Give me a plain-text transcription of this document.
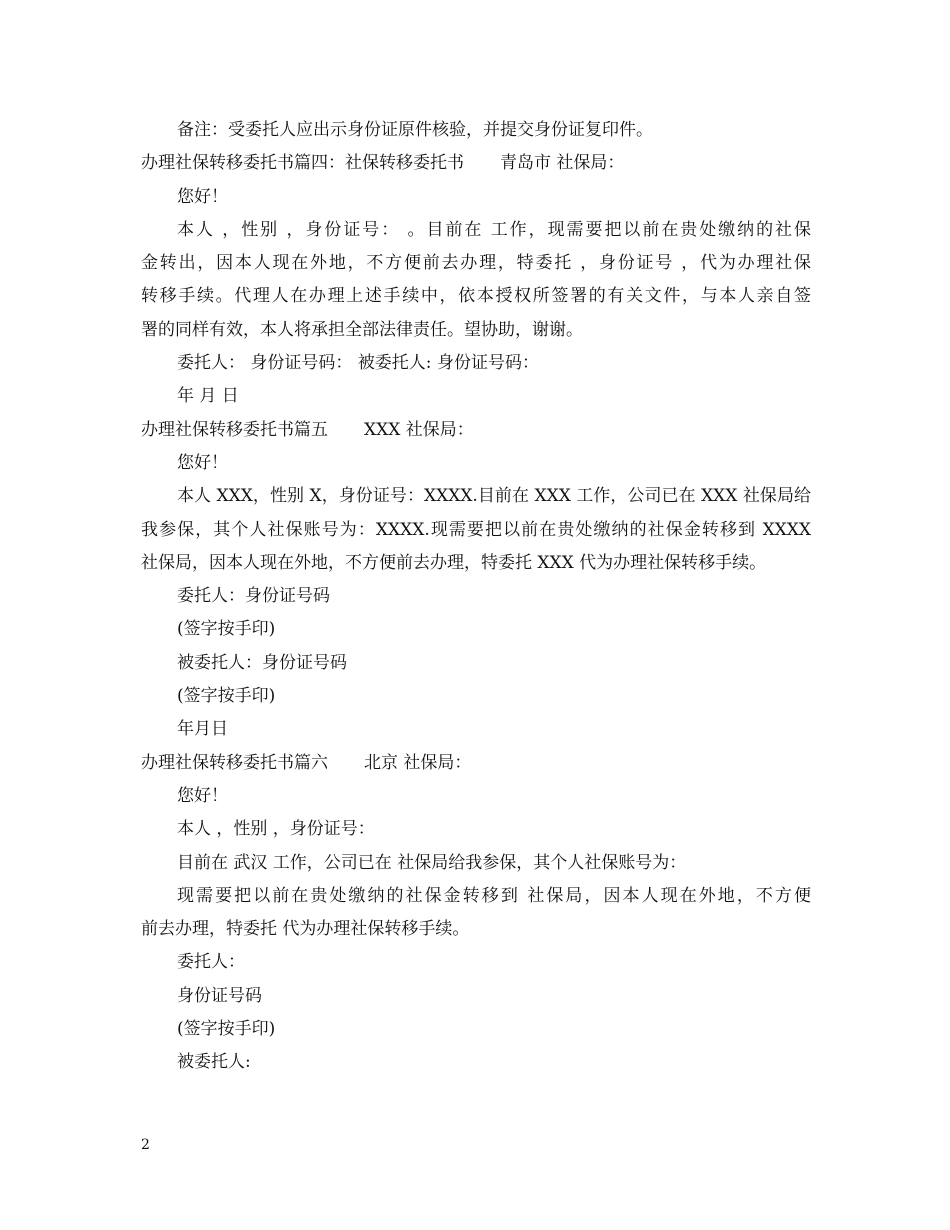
备注：受委托人应出示身份证原件核验，并提交身份证复印件。
办理社保转移委托书篇四：社保转移委托书 青岛市 社保局：
您好！
本人 ，性别 ，身份证号： 。目前在 工作，现需要把以前在贵处缴纳的社保
金转出，因本人现在外地，不方便前去办理，特委托 ，身份证号 ，代为办理社保
转移手续。代理人在办理上述手续中，依本授权所签署的有关文件，与本人亲自签
署的同样有效，本人将承担全部法律责任。望协助，谢谢。
委托人： 身份证号码： 被委托人: 身份证号码：
年 月 日
办理社保转移委托书篇五 XXX 社保局：
您好！
本人 XXX，性别 X，身份证号：XXXX.目前在 XXX 工作，公司已在 XXX 社保局给
我参保，其个人社保账号为：XXXX.现需要把以前在贵处缴纳的社保金转移到 XXXX
社保局，因本人现在外地，不方便前去办理，特委托 XXX 代为办理社保转移手续。
委托人：身份证号码
(签字按手印)
被委托人：身份证号码
(签字按手印)
年月日
办理社保转移委托书篇六 北京 社保局：
您好！
本人 ，性别 ，身份证号：
目前在 武汉 工作，公司已在 社保局给我参保，其个人社保账号为：
现需要把以前在贵处缴纳的社保金转移到 社保局，因本人现在外地，不方便
前去办理，特委托 代为办理社保转移手续。
委托人：
身份证号码
(签字按手印)
被委托人:
2
